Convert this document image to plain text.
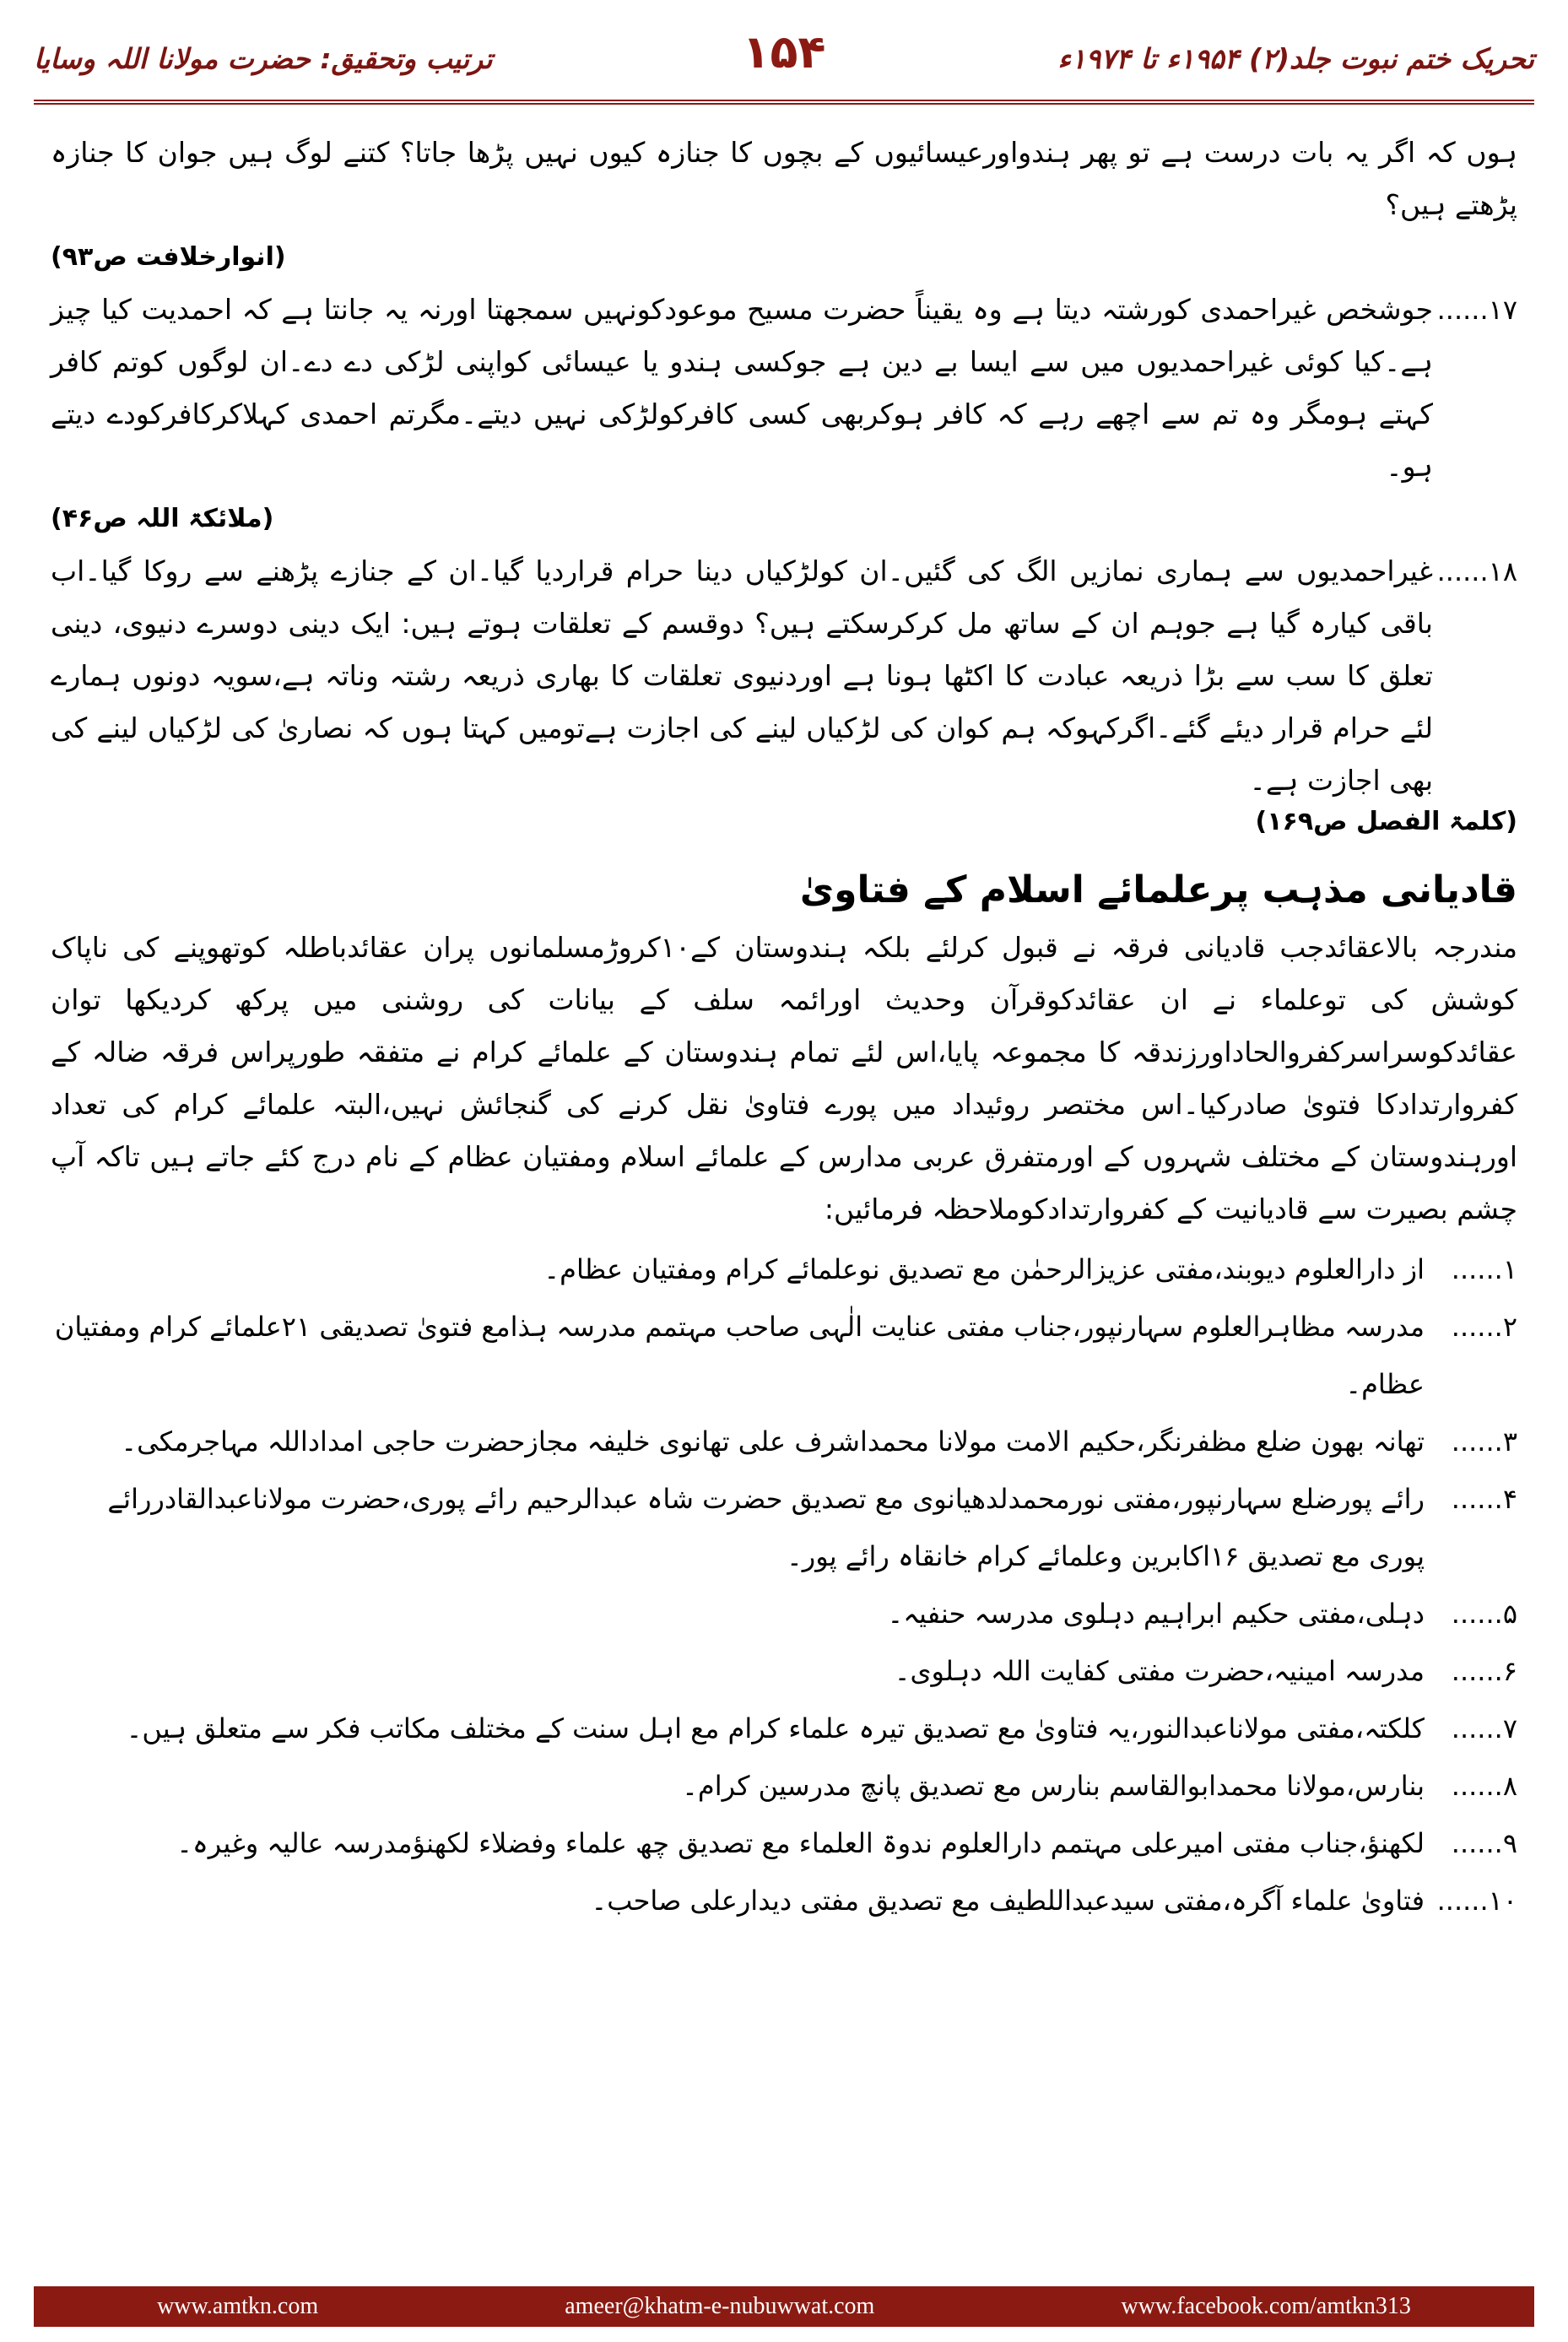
تحریک ختم نبوت جلد(۲) ۱۹۵۴ء تا ۱۹۷۴ء
۱۵۴
ترتیب وتحقیق: حضرت مولانا اللہ وسایا

ہوں کہ اگر یہ بات درست ہے تو پھر ہندواورعیسائیوں کے بچوں کا جنازہ کیوں نہیں پڑھا جاتا؟ کتنے لوگ ہیں جوان کا جنازہ پڑھتے ہیں؟

(انوارخلافت ص۹۳)

۱۷......

جوشخص غیراحمدی کورشتہ دیتا ہے وہ یقیناً حضرت مسیح موعودکونہیں سمجھتا اورنہ یہ جانتا ہے کہ احمدیت کیا چیز ہے۔کیا کوئی غیراحمدیوں میں سے ایسا بے دین ہے جوکسی ہندو یا عیسائی کواپنی لڑکی دے دے۔ان لوگوں کوتم کافر کہتے ہومگر وہ تم سے اچھے رہے کہ کافر ہوکربھی کسی کافرکولڑکی نہیں دیتے۔مگرتم احمدی کہلاکرکافرکودے دیتے ہو۔

(ملائکۃ اللہ ص۴۶)

۱۸......

غیراحمدیوں سے ہماری نمازیں الگ کی گئیں۔ان کولڑکیاں دینا حرام قراردیا گیا۔ان کے جنازے پڑھنے سے روکا گیا۔اب باقی کیارہ گیا ہے جوہم ان کے ساتھ مل کرکرسکتے ہیں؟ دوقسم کے تعلقات ہوتے ہیں: ایک دینی دوسرے دنیوی، دینی تعلق کا سب سے بڑا ذریعہ عبادت کا اکٹھا ہونا ہے اوردنیوی تعلقات کا بھاری ذریعہ رشتہ وناتہ ہے،سویہ دونوں ہمارے لئے حرام قرار دیئے گئے۔اگرکہوکہ ہم کوان کی لڑکیاں لینے کی اجازت ہےتومیں کہتا ہوں کہ نصاریٰ کی لڑکیاں لینے کی بھی اجازت ہے۔

(کلمۃ الفصل ص۱۶۹)

قادیانی مذہب پرعلمائے اسلام کے فتاویٰ

مندرجہ بالاعقائدجب قادیانی فرقہ نے قبول کرلئے بلکہ ہندوستان کے۱۰کروڑمسلمانوں پران عقائدباطلہ کوتھوپنے کی ناپاک کوشش کی توعلماء نے ان عقائدکوقرآن وحدیث اورائمہ سلف کے بیانات کی روشنی میں پرکھ کردیکھا توان عقائدکوسراسرکفروالحاداورزندقہ کا مجموعہ پایا،اس لئے تمام ہندوستان کے علمائے کرام نے متفقہ طورپراس فرقہ ضالہ کے کفروارتدادکا فتویٰ صادرکیا۔اس مختصر روئیداد میں پورے فتاویٰ نقل کرنے کی گنجائش نہیں،البتہ علمائے کرام کی تعداد اورہندوستان کے مختلف شہروں کے اورمتفرق عربی مدارس کے علمائے اسلام ومفتیان عظام کے نام درج کئے جاتے ہیں تاکہ آپ چشم بصیرت سے قادیانیت کے کفروارتدادکوملاحظہ فرمائیں:

۱......
از دارالعلوم دیوبند،مفتی عزیزالرحمٰن مع تصدیق نوعلمائے کرام ومفتیان عظام۔
۲......
مدرسہ مظاہرالعلوم سہارنپور،جناب مفتی عنایت الٰہی صاحب مہتمم مدرسہ ہذامع فتویٰ تصدیقی ۲۱علمائے کرام ومفتیان عظام۔
۳......
تھانہ بھون ضلع مظفرنگر،حکیم الامت مولانا محمداشرف علی تھانوی خلیفہ مجازحضرت حاجی امداداللہ مہاجرمکی۔
۴......
رائے پورضلع سہارنپور،مفتی نورمحمدلدھیانوی مع تصدیق حضرت شاہ عبدالرحیم رائے پوری،حضرت مولاناعبدالقادررائے پوری مع تصدیق ۱۶اکابرین وعلمائے کرام خانقاہ رائے پور۔
۵......
دہلی،مفتی حکیم ابراہیم دہلوی مدرسہ حنفیہ۔
۶......
مدرسہ امینیہ،حضرت مفتی کفایت اللہ دہلوی۔
۷......
کلکتہ،مفتی مولاناعبدالنور،یہ فتاویٰ مع تصدیق تیرہ علماء کرام مع اہل سنت کے مختلف مکاتب فکر سے متعلق ہیں۔
۸......
بنارس،مولانا محمدابوالقاسم بنارس مع تصدیق پانچ مدرسین کرام۔
۹......
لکھنؤ،جناب مفتی امیرعلی مہتمم دارالعلوم ندوۃ العلماء مع تصدیق چھ علماء وفضلاء لکھنؤمدرسہ عالیہ وغیرہ۔
۱۰......
فتاویٰ علماء آگرہ،مفتی سیدعبداللطیف مع تصدیق مفتی دیدارعلی صاحب۔
www.amtkn.com	ameer@khatm-e-nubuwwat.com	www.facebook.com/amtkn313
